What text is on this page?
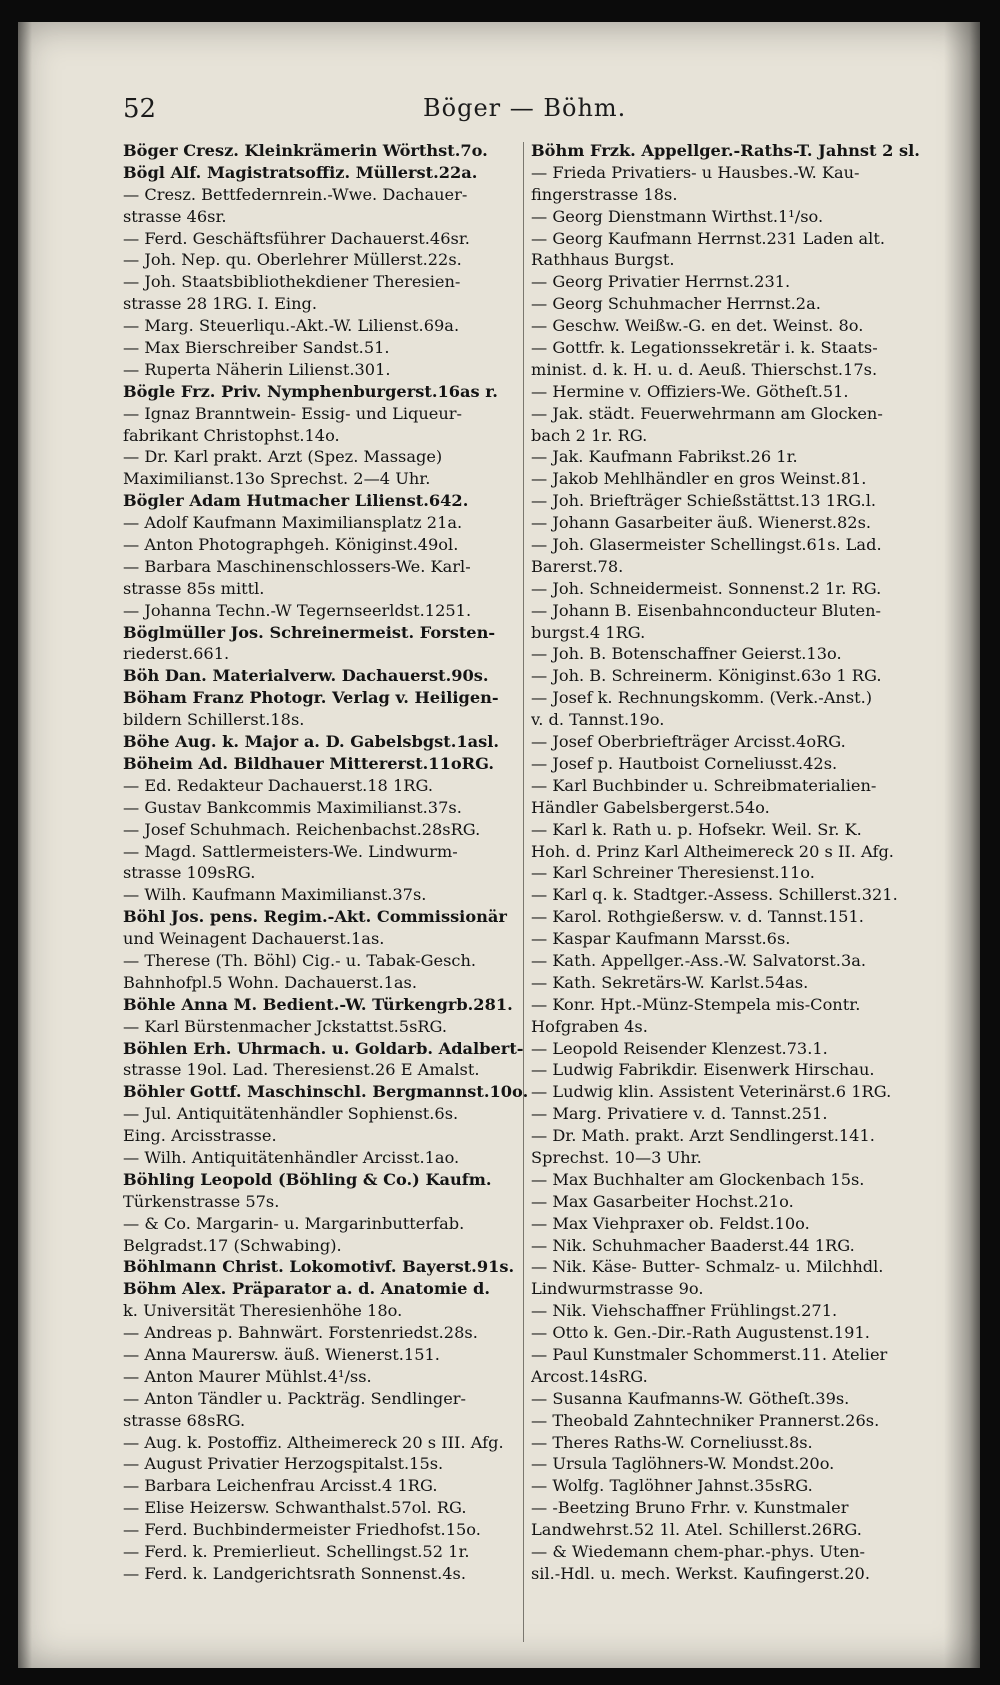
52	Böger — Böhm.
Böger Cresz. Kleinkrämerin Wörthst.7o.
Bögl Alf. Magistratsoffiz. Müllerst.22a.
— Cresz. Bettfedernrein.-Wwe. Dachauer-
strasse 46sr.
— Ferd. Geschäftsführer Dachauerst.46sr.
— Joh. Nep. qu. Oberlehrer Müllerst.22s.
— Joh. Staatsbibliothekdiener Theresien-
strasse 28 1RG. I. Eing.
— Marg. Steuerliqu.-Akt.-W. Lilienst.69a.
— Max Bierschreiber Sandst.51.
— Ruperta Näherin Lilienst.301.
Bögle Frz. Priv. Nymphenburgerst.16as r.
— Ignaz Branntwein- Essig- und Liqueur-
fabrikant Christophst.14o.
— Dr. Karl prakt. Arzt (Spez. Massage)
Maximilianst.13o Sprechst. 2—4 Uhr.
Bögler Adam Hutmacher Lilienst.642.
— Adolf Kaufmann Maximiliansplatz 21a.
— Anton Photographgeh. Königinst.49ol.
— Barbara Maschinenschlossers-We. Karl-
strasse 85s mittl.
— Johanna Techn.-W Tegernseerldst.1251.
Böglmüller Jos. Schreinermeist. Forsten-
riederst.661.
Böh Dan. Materialverw. Dachauerst.90s.
Böham Franz Photogr. Verlag v. Heiligen-
bildern Schillerst.18s.
Böhe Aug. k. Major a. D. Gabelsbgst.1asl.
Böheim Ad. Bildhauer Mittererst.11oRG.
— Ed. Redakteur Dachauerst.18 1RG.
— Gustav Bankcommis Maximilianst.37s.
— Josef Schuhmach. Reichenbachst.28sRG.
— Magd. Sattlermeisters-We. Lindwurm-
strasse 109sRG.
— Wilh. Kaufmann Maximilianst.37s.
Böhl Jos. pens. Regim.-Akt. Commissionär
und Weinagent Dachauerst.1as.
— Therese (Th. Böhl) Cig.- u. Tabak-Gesch.
Bahnhofpl.5 Wohn. Dachauerst.1as.
Böhle Anna M. Bedient.-W. Türkengrb.281.
— Karl Bürstenmacher Jckstattst.5sRG.
Böhlen Erh. Uhrmach. u. Goldarb. Adalbert-
strasse 19ol. Lad. Theresienst.26 E Amalst.
Böhler Gottf. Maschinschl. Bergmannst.10o.
— Jul. Antiquitätenhändler Sophienst.6s.
Eing. Arcisstrasse.
— Wilh. Antiquitätenhändler Arcisst.1ao.
Böhling Leopold (Böhling & Co.) Kaufm.
Türkenstrasse 57s.
— & Co. Margarin- u. Margarinbutterfab.
Belgradst.17 (Schwabing).
Böhlmann Christ. Lokomotivf. Bayerst.91s.
Böhm Alex. Präparator a. d. Anatomie d.
k. Universität Theresienhöhe 18o.
— Andreas p. Bahnwärt. Forstenriedst.28s.
— Anna Maurersw. äuß. Wienerst.151.
— Anton Maurer Mühlst.4¹/ss.
— Anton Tändler u. Packträg. Sendlinger-
strasse 68sRG.
— Aug. k. Postoffiz. Altheimereck 20 s III. Afg.
— August Privatier Herzogspitalst.15s.
— Barbara Leichenfrau Arcisst.4 1RG.
— Elise Heizersw. Schwanthalst.57ol. RG.
— Ferd. Buchbindermeister Friedhofst.15o.
— Ferd. k. Premierlieut. Schellingst.52 1r.
— Ferd. k. Landgerichtsrath Sonnenst.4s.
Böhm Frzk. Appellger.-Raths-T. Jahnst 2 sl.
— Frieda Privatiers- u Hausbes.-W. Kau-
fingerstrasse 18s.
— Georg Dienstmann Wirthst.1¹/so.
— Georg Kaufmann Herrnst.231 Laden alt.
Rathhaus Burgst.
— Georg Privatier Herrnst.231.
— Georg Schuhmacher Herrnst.2a.
— Geschw. Weißw.-G. en det. Weinst. 8o.
— Gottfr. k. Legationssekretär i. k. Staats-
minist. d. k. H. u. d. Aeuß. Thierschst.17s.
— Hermine v. Offiziers-We. Götheſt.51.
— Jak. städt. Feuerwehrmann am Glocken-
bach 2 1r. RG.
— Jak. Kaufmann Fabrikst.26 1r.
— Jakob Mehlhändler en gros Weinst.81.
— Joh. Briefträger Schießstättst.13 1RG.l.
— Johann Gasarbeiter äuß. Wienerst.82s.
— Joh. Glasermeister Schellingst.61s. Lad.
Barerst.78.
— Joh. Schneidermeist. Sonnenst.2 1r. RG.
— Johann B. Eisenbahnconducteur Bluten-
burgst.4 1RG.
— Joh. B. Botenschaffner Geierst.13o.
— Joh. B. Schreinerm. Königinst.63o 1 RG.
— Josef k. Rechnungskomm. (Verk.-Anst.)
v. d. Tannst.19o.
— Josef Oberbriefträger Arcisst.4oRG.
— Josef p. Hautboist Corneliusst.42s.
— Karl Buchbinder u. Schreibmaterialien-
Händler Gabelsbergerst.54o.
— Karl k. Rath u. p. Hofsekr. Weil. Sr. K.
Hoh. d. Prinz Karl Altheimereck 20 s II. Afg.
— Karl Schreiner Theresienst.11o.
— Karl q. k. Stadtger.-Assess. Schillerst.321.
— Karol. Rothgießersw. v. d. Tannst.151.
— Kaspar Kaufmann Marsst.6s.
— Kath. Appellger.-Ass.-W. Salvatorst.3a.
— Kath. Sekretärs-W. Karlst.54as.
— Konr. Hpt.-Münz-Stempela mis-Contr.
Hofgraben 4s.
— Leopold Reisender Klenzest.73.1.
— Ludwig Fabrikdir. Eisenwerk Hirschau.
— Ludwig klin. Assistent Veterinärst.6 1RG.
— Marg. Privatiere v. d. Tannst.251.
— Dr. Math. prakt. Arzt Sendlingerst.141.
Sprechst. 10—3 Uhr.
— Max Buchhalter am Glockenbach 15s.
— Max Gasarbeiter Hochst.21o.
— Max Viehpraxer ob. Feldst.10o.
— Nik. Schuhmacher Baaderst.44 1RG.
— Nik. Käse- Butter- Schmalz- u. Milchhdl.
Lindwurmstrasse 9o.
— Nik. Viehschaffner Frühlingst.271.
— Otto k. Gen.-Dir.-Rath Augustenst.191.
— Paul Kunstmaler Schommerst.11. Atelier
Arcost.14sRG.
— Susanna Kaufmanns-W. Götheſt.39s.
— Theobald Zahntechniker Prannerst.26s.
— Theres Raths-W. Corneliusst.8s.
— Ursula Taglöhners-W. Mondst.20o.
— Wolfg. Taglöhner Jahnst.35sRG.
— -Beetzing Bruno Frhr. v. Kunstmaler
Landwehrst.52 1l. Atel. Schillerst.26RG.
— & Wiedemann chem-phar.-phys. Uten-
sil.-Hdl. u. mech. Werkst. Kaufingerst.20.
